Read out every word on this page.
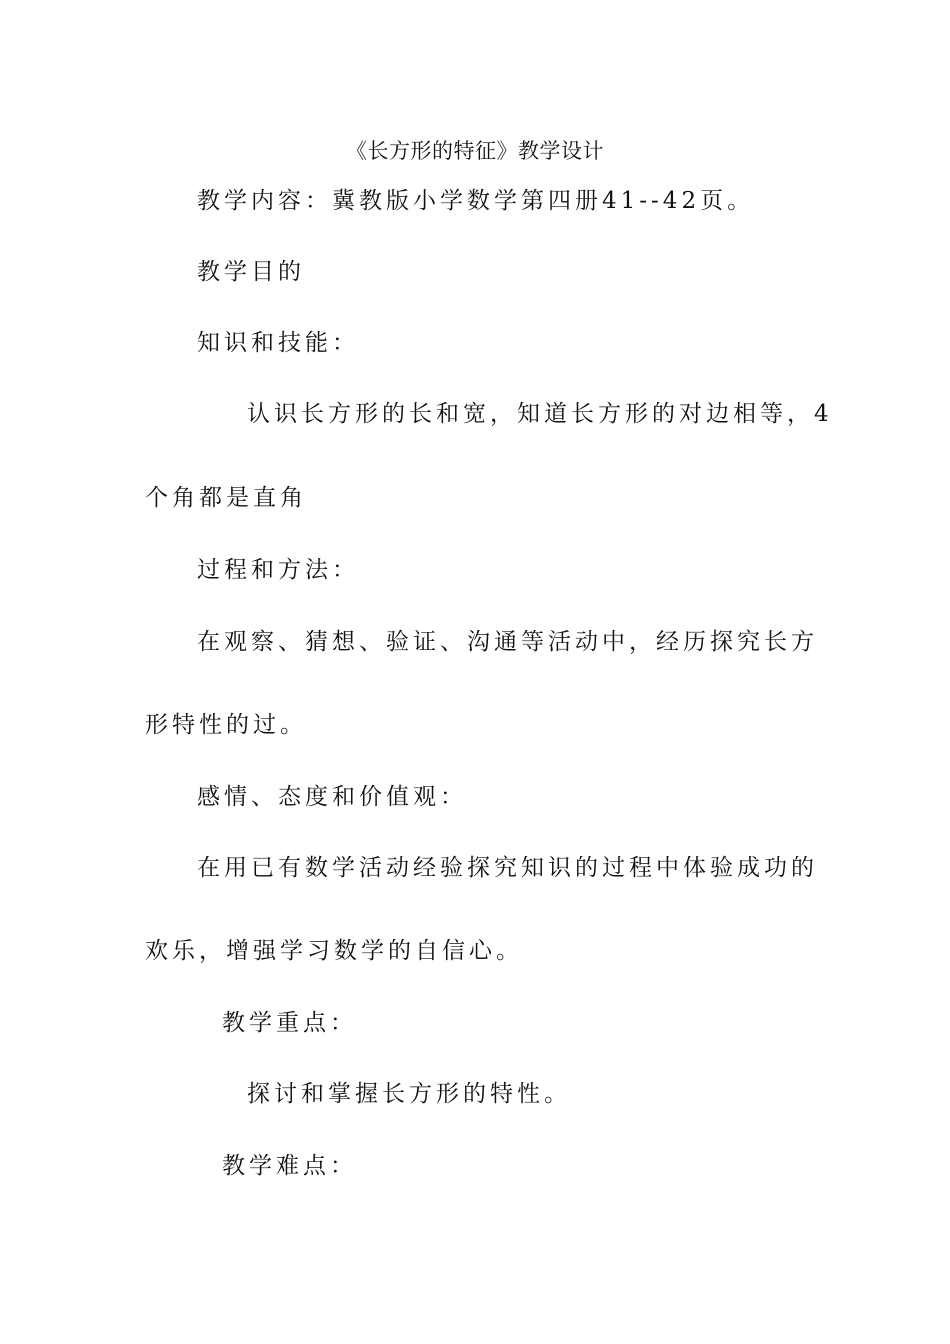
《长方形的特征》教学设计
教学内容：冀教版小学数学第四册41--42页。
教学目的
知识和技能：
认识长方形的长和宽，知道长方形的对边相等，4
个角都是直角
过程和方法：
在观察、猜想、验证、沟通等活动中，经历探究长方
形特性的过。
感情、态度和价值观：
在用已有数学活动经验探究知识的过程中体验成功的
欢乐，增强学习数学的自信心。
教学重点：
探讨和掌握长方形的特性。
教学难点：
